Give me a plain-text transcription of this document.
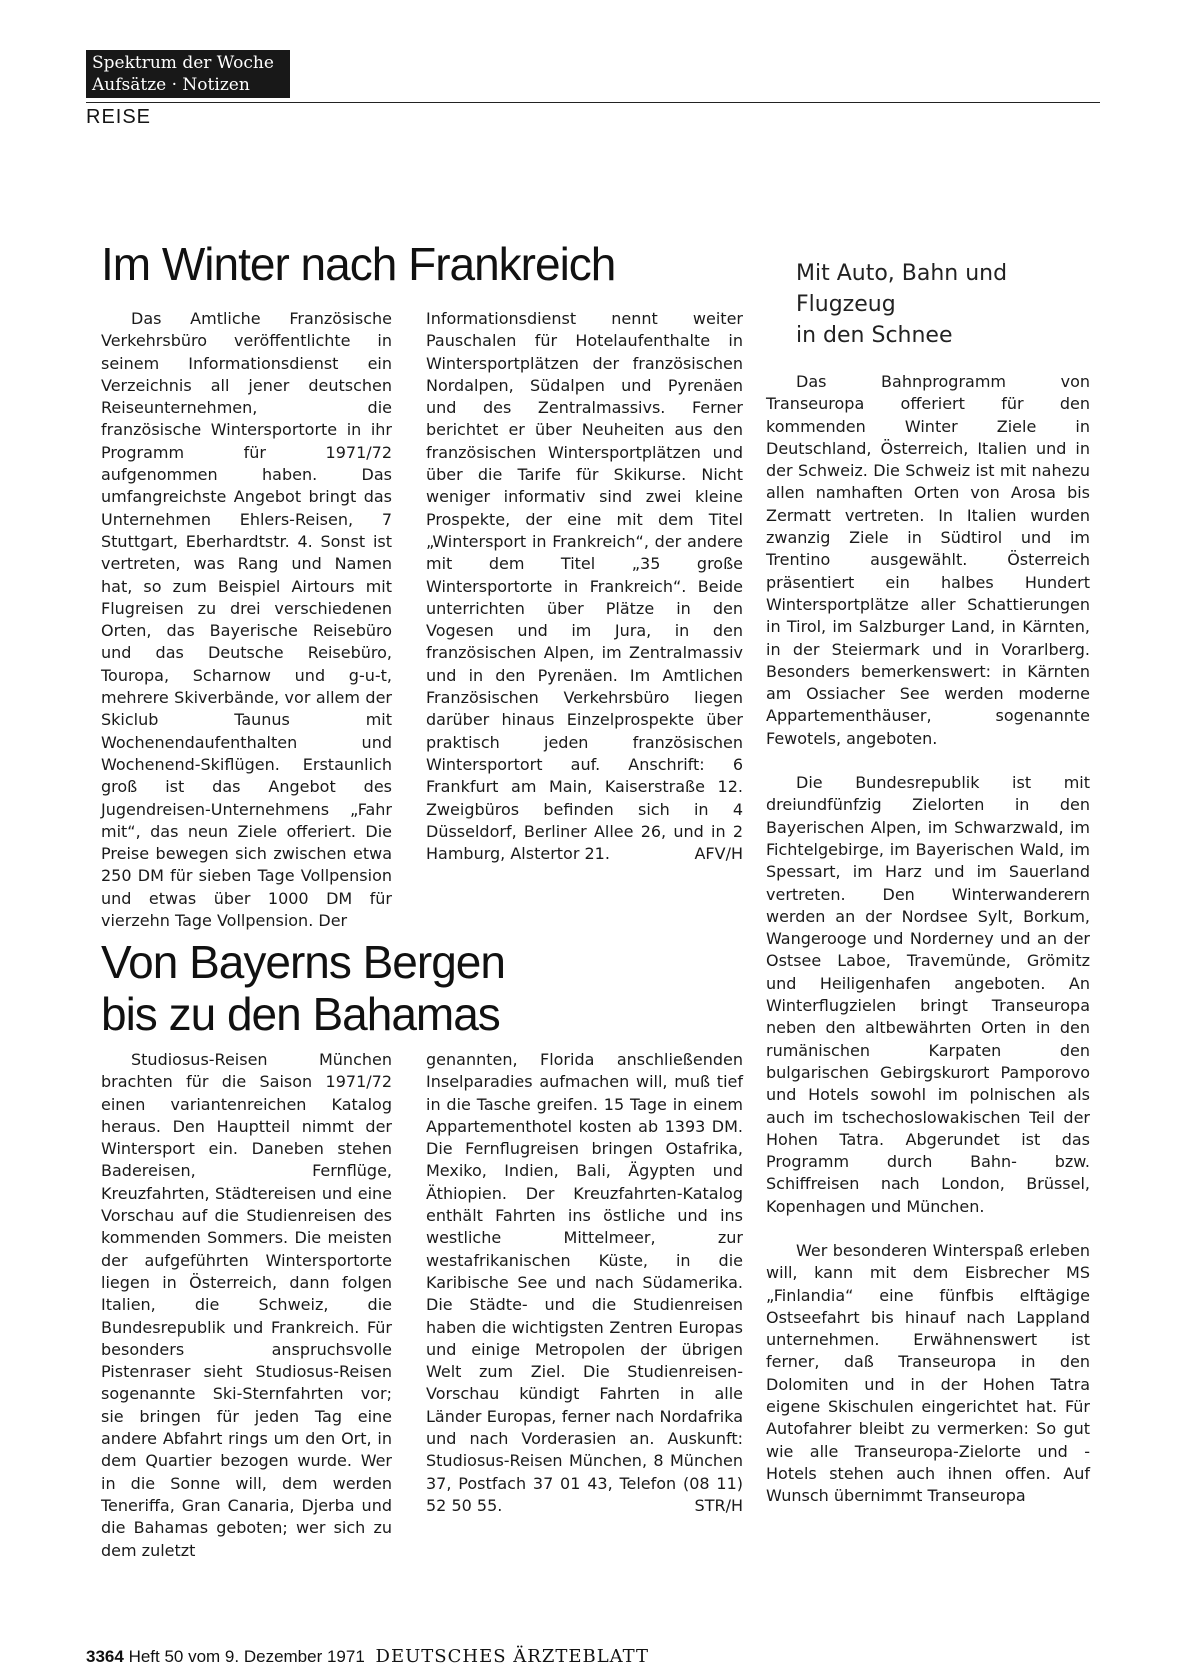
Spektrum der Woche
Aufsätze · Notizen
REISE
Im Winter nach Frankreich

Das Amtliche Französische Verkehrsbüro veröffentlichte in seinem Informationsdienst ein Verzeichnis all jener deutschen Reiseunternehmen, die französische Wintersportorte in ihr Programm für 1971/72 aufgenommen haben. Das umfangreichste Angebot bringt das Unternehmen Ehlers-Reisen, 7 Stuttgart, Eberhardtstr. 4. Sonst ist vertreten, was Rang und Namen hat, so zum Beispiel Airtours mit Flugreisen zu drei verschiedenen Orten, das Bayerische Reisebüro und das Deutsche Reisebüro, Touropa, Scharnow und g-u-t, mehrere Skiverbände, vor allem der Skiclub Taunus mit Wochenendaufenthalten und Wochenend-Skiflügen. Erstaunlich groß ist das Angebot des Jugendreisen-Unternehmens „Fahr mit“, das neun Ziele offeriert. Die Preise bewegen sich zwischen etwa 250 DM für sieben Tage Vollpension und etwas über 1000 DM für vierzehn Tage Vollpension. Der

Informationsdienst nennt weiter Pauschalen für Hotelaufenthalte in Wintersportplätzen der französischen Nordalpen, Südalpen und Pyrenäen und des Zentralmassivs. Ferner berichtet er über Neuheiten aus den französischen Wintersportplätzen und über die Tarife für Skikurse. Nicht weniger informativ sind zwei kleine Prospekte, der eine mit dem Titel „Wintersport in Frankreich“, der andere mit dem Titel „35 große Wintersportorte in Frankreich“. Beide unterrichten über Plätze in den Vogesen und im Jura, in den französischen Alpen, im Zentralmassiv und in den Pyrenäen. Im Amtlichen Französischen Verkehrsbüro liegen darüber hinaus Einzelprospekte über praktisch jeden französischen Wintersportort auf. Anschrift: 6 Frankfurt am Main, Kaiserstraße 12. Zweigbüros befinden sich in 4 Düsseldorf, Berliner Allee 26, und in 2 Hamburg, Alstertor 21.	AFV/H

Von Bayerns Bergen
bis zu den Bahamas

Studiosus-Reisen München brachten für die Saison 1971/72 einen variantenreichen Katalog heraus. Den Hauptteil nimmt der Wintersport ein. Daneben stehen Badereisen, Fernflüge, Kreuzfahrten, Städtereisen und eine Vorschau auf die Studienreisen des kommenden Sommers. Die meisten der aufgeführten Wintersportorte liegen in Österreich, dann folgen Italien, die Schweiz, die Bundesrepublik und Frankreich. Für besonders anspruchsvolle Pistenraser sieht Studiosus-Reisen sogenannte Ski-Sternfahrten vor; sie bringen für jeden Tag eine andere Abfahrt rings um den Ort, in dem Quartier bezogen wurde. Wer in die Sonne will, dem werden Teneriffa, Gran Canaria, Djerba und die Bahamas geboten; wer sich zu dem zuletzt

genannten, Florida anschließenden Inselparadies aufmachen will, muß tief in die Tasche greifen. 15 Tage in einem Appartementhotel kosten ab 1393 DM. Die Fernflugreisen bringen Ostafrika, Mexiko, Indien, Bali, Ägypten und Äthiopien. Der Kreuzfahrten-Katalog enthält Fahrten ins östliche und ins westliche Mittelmeer, zur westafrikanischen Küste, in die Karibische See und nach Südamerika. Die Städte- und die Studienreisen haben die wichtigsten Zentren Europas und einige Metropolen der übrigen Welt zum Ziel. Die Studienreisen-Vorschau kündigt Fahrten in alle Länder Europas, ferner nach Nordafrika und nach Vorderasien an. Auskunft: Studiosus-Reisen München, 8 München 37, Postfach 37 01 43, Telefon (08 11) 52 50 55.	STR/H

Mit Auto, Bahn und
Flugzeug
in den Schnee

Das Bahnprogramm von Transeuropa offeriert für den kommenden Winter Ziele in Deutschland, Österreich, Italien und in der Schweiz. Die Schweiz ist mit nahezu allen namhaften Orten von Arosa bis Zermatt vertreten. In Italien wurden zwanzig Ziele in Südtirol und im Trentino ausgewählt. Österreich präsentiert ein halbes Hundert Wintersportplätze aller Schattierungen in Tirol, im Salzburger Land, in Kärnten, in der Steiermark und in Vorarlberg. Besonders bemerkenswert: in Kärnten am Ossiacher See werden moderne Appartementhäuser, sogenannte Fewotels, angeboten.

Die Bundesrepublik ist mit dreiundfünfzig Zielorten in den Bayerischen Alpen, im Schwarzwald, im Fichtelgebirge, im Bayerischen Wald, im Spessart, im Harz und im Sauerland vertreten. Den Winterwanderern werden an der Nordsee Sylt, Borkum, Wangerooge und Norderney und an der Ostsee Laboe, Travemünde, Grömitz und Heiligenhafen angeboten. An Winterflugzielen bringt Transeuropa neben den altbewährten Orten in den rumänischen Karpaten den bulgarischen Gebirgskurort Pamporovo und Hotels sowohl im polnischen als auch im tschechoslowakischen Teil der Hohen Tatra. Abgerundet ist das Programm durch Bahn- bzw. Schiffreisen nach London, Brüssel, Kopenhagen und München.

Wer besonderen Winterspaß erleben will, kann mit dem Eisbrecher MS „Finlandia“ eine fünfbis elftägige Ostseefahrt bis hinauf nach Lappland unternehmen. Erwähnenswert ist ferner, daß Transeuropa in den Dolomiten und in der Hohen Tatra eigene Skischulen eingerichtet hat. Für Autofahrer bleibt zu vermerken: So gut wie alle Transeuropa-Zielorte und -Hotels stehen auch ihnen offen. Auf Wunsch übernimmt Transeuropa

3364 Heft 50 vom 9. Dezember 1971 DEUTSCHES ÄRZTEBLATT
